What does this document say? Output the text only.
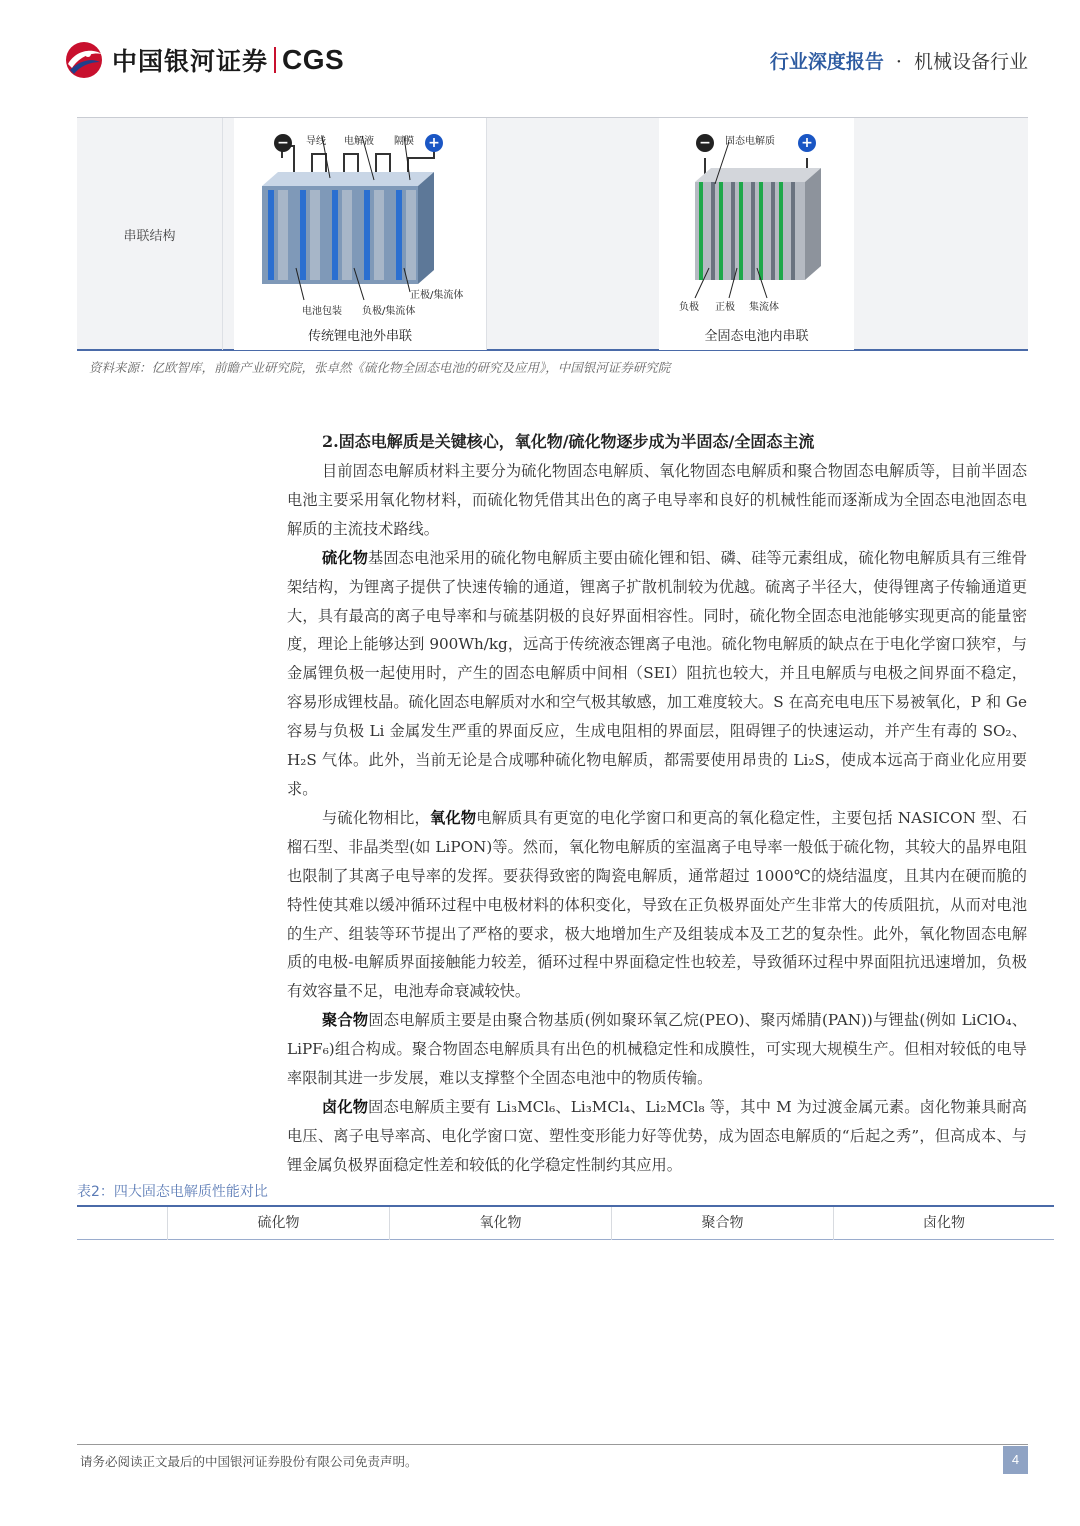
中国银河证券 CGS	行业深度报告 · 机械设备行业
串联结构
−	+
导线 电解液 隔膜
电池包装 负极/集流体
正极/集流体
传统锂电池外串联
−	+
固态电解质
负极 正极 集流体
全固态电池内串联
资料来源：亿欧智库，前瞻产业研究院，张卓然《硫化物全固态电池的研究及应用》，中国银河证券研究院
2.固态电解质是关键核心，氧化物/硫化物逐步成为半固态/全固态主流

目前固态电解质材料主要分为硫化物固态电解质、氧化物固态电解质和聚合物固态电解质等，目前半固态电池主要采用氧化物材料，而硫化物凭借其出色的离子电导率和良好的机械性能而逐渐成为全固态电池固态电解质的主流技术路线。

硫化物基固态电池采用的硫化物电解质主要由硫化锂和铝、磷、硅等元素组成，硫化物电解质具有三维骨架结构，为锂离子提供了快速传输的通道，锂离子扩散机制较为优越。硫离子半径大，使得锂离子传输通道更大，具有最高的离子电导率和与硫基阴极的良好界面相容性。同时，硫化物全固态电池能够实现更高的能量密度，理论上能够达到 900Wh/kg，远高于传统液态锂离子电池。硫化物电解质的缺点在于电化学窗口狭窄，与金属锂负极一起使用时，产生的固态电解质中间相（SEI）阻抗也较大，并且电解质与电极之间界面不稳定，容易形成锂枝晶。硫化固态电解质对水和空气极其敏感，加工难度较大。S 在高充电电压下易被氧化，P 和 Ge 容易与负极 Li 金属发生严重的界面反应，生成电阻相的界面层，阻碍锂子的快速运动，并产生有毒的 SO₂、H₂S 气体。此外，当前无论是合成哪种硫化物电解质，都需要使用昂贵的 Li₂S，使成本远高于商业化应用要求。

与硫化物相比，氧化物电解质具有更宽的电化学窗口和更高的氧化稳定性，主要包括 NASICON 型、石榴石型、非晶类型(如 LiPON)等。然而，氧化物电解质的室温离子电导率一般低于硫化物，其较大的晶界电阻也限制了其离子电导率的发挥。要获得致密的陶瓷电解质，通常超过 1000℃的烧结温度，且其内在硬而脆的特性使其难以缓冲循环过程中电极材料的体积变化，导致在正负极界面处产生非常大的传质阻抗，从而对电池的生产、组装等环节提出了严格的要求，极大地增加生产及组装成本及工艺的复杂性。此外，氧化物固态电解质的电极-电解质界面接触能力较差，循环过程中界面稳定性也较差，导致循环过程中界面阻抗迅速增加，负极有效容量不足，电池寿命衰减较快。

聚合物固态电解质主要是由聚合物基质(例如聚环氧乙烷(PEO)、聚丙烯腈(PAN))与锂盐(例如 LiClO₄、LiPF₆)组合构成。聚合物固态电解质具有出色的机械稳定性和成膜性，可实现大规模生产。但相对较低的电导率限制其进一步发展，难以支撑整个全固态电池中的物质传输。

卤化物固态电解质主要有 Li₃MCl₆、Li₃MCl₄、Li₂MCl₈ 等，其中 M 为过渡金属元素。卤化物兼具耐高电压、离子电导率高、电化学窗口宽、塑性变形能力好等优势，成为固态电解质的“后起之秀”，但高成本、与锂金属负极界面稳定性差和较低的化学稳定性制约其应用。

表2：四大固态电解质性能对比
硫化物	氧化物	聚合物	卤化物
请务必阅读正文最后的中国银河证券股份有限公司免责声明。	4
